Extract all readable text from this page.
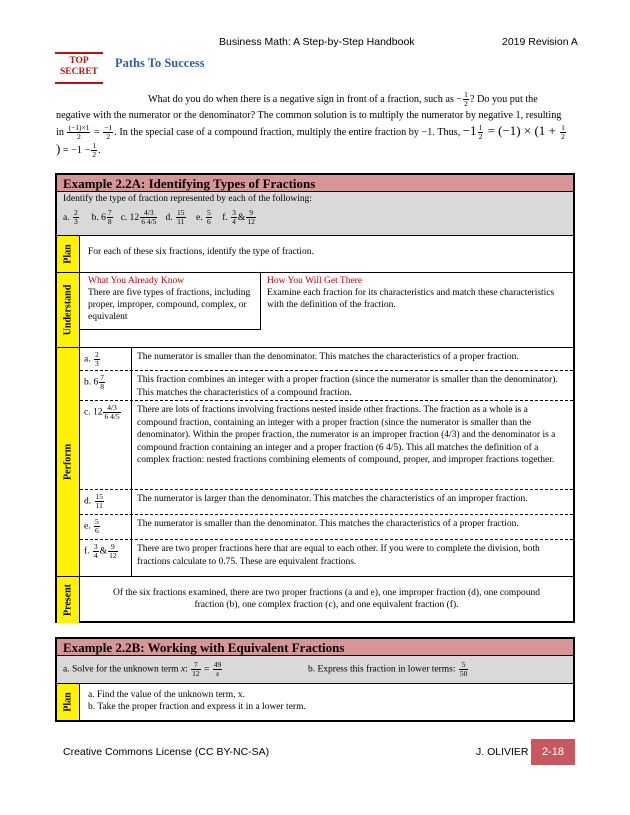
Business Math: A Step-by-Step Handbook	2019 Revision A
TOP
SECRET
Paths To Success
What do you do when there is a negative sign in front of a fraction, such as − $\frac{1}{2}$ ? Do you put the negative with the numerator or the denominator? The common solution is to multiply the numerator by negative 1, resulting in $\frac{(-1)\times 1}{2} = \frac{-1}{2}$ . In the special case of a compound fraction, multiply the entire fraction by −1. Thus, $-1 \frac{1}{2} = (-1) \times (1 + \frac{1}{2}$
) = $-1 - \frac{1}{2}$ .
Example 2.2A: Identifying Types of Fractions
Identify the type of fraction represented by each of the following:
a. $\frac{2}{3} b$. $6 \frac{7}{8} c$. $12 \frac{4/3}{6 4/5} d$. $\frac{15}{11} e$. $\frac{5}{6} f$. $\frac{3}{4}$ & $\frac{9}{12}$
Plan	For each of these six fractions, identify the type of fraction.
Understand
What You Already Know
There are five types of fractions, including proper, improper, compound, complex, or equivalent
How You Will Get There
Examine each fraction for its characteristics and match these characteristics with the definition of the fraction.
Perform
a. $\frac{2}{3}$	The numerator is smaller than the denominator. This matches the characteristics of a proper fraction.
b. $6 \frac{7}{8}$	This fraction combines an integer with a proper fraction (since the numerator is smaller than the denominator). This matches the characteristics of a compound fraction.
c. $12 \frac{4/3}{6 4/5}$	There are lots of fractions involving fractions nested inside other fractions. The fraction as a whole is a compound fraction, containing an integer with a proper fraction (since the numerator is smaller than the denominator). Within the proper fraction, the numerator is an improper fraction (4/3) and the denominator is a compound fraction containing an integer and a proper fraction (6 4/5). This all matches the definition of a complex fraction: nested fractions combining elements of compound, proper, and improper fractions together.
d. $\frac{15}{11}$	The numerator is larger than the denominator. This matches the characteristics of an improper fraction.
e. $\frac{5}{6}$	The numerator is smaller than the denominator. This matches the characteristics of a proper fraction.
f. $\frac{3}{4}$ & $\frac{9}{12}$	There are two proper fractions here that are equal to each other. If you were to complete the division, both fractions calculate to 0.75. These are equivalent fractions.
Present	Of the six fractions examined, there are two proper fractions (a and e), one improper fraction (d), one compound fraction (b), one complex fraction (c), and one equivalent fraction (f).
Example 2.2B: Working with Equivalent Fractions
a. Solve for the unknown term x: $\frac{7}{12} = \frac{49}{x}$	b. Express this fraction in lower terms: $\frac{5}{50}$
Plan a. Find the value of the unknown term, x.
b. Take the proper fraction and express it in a lower term.
Creative Commons License (CC BY-NC-SA)	J. OLIVIER	2-18
